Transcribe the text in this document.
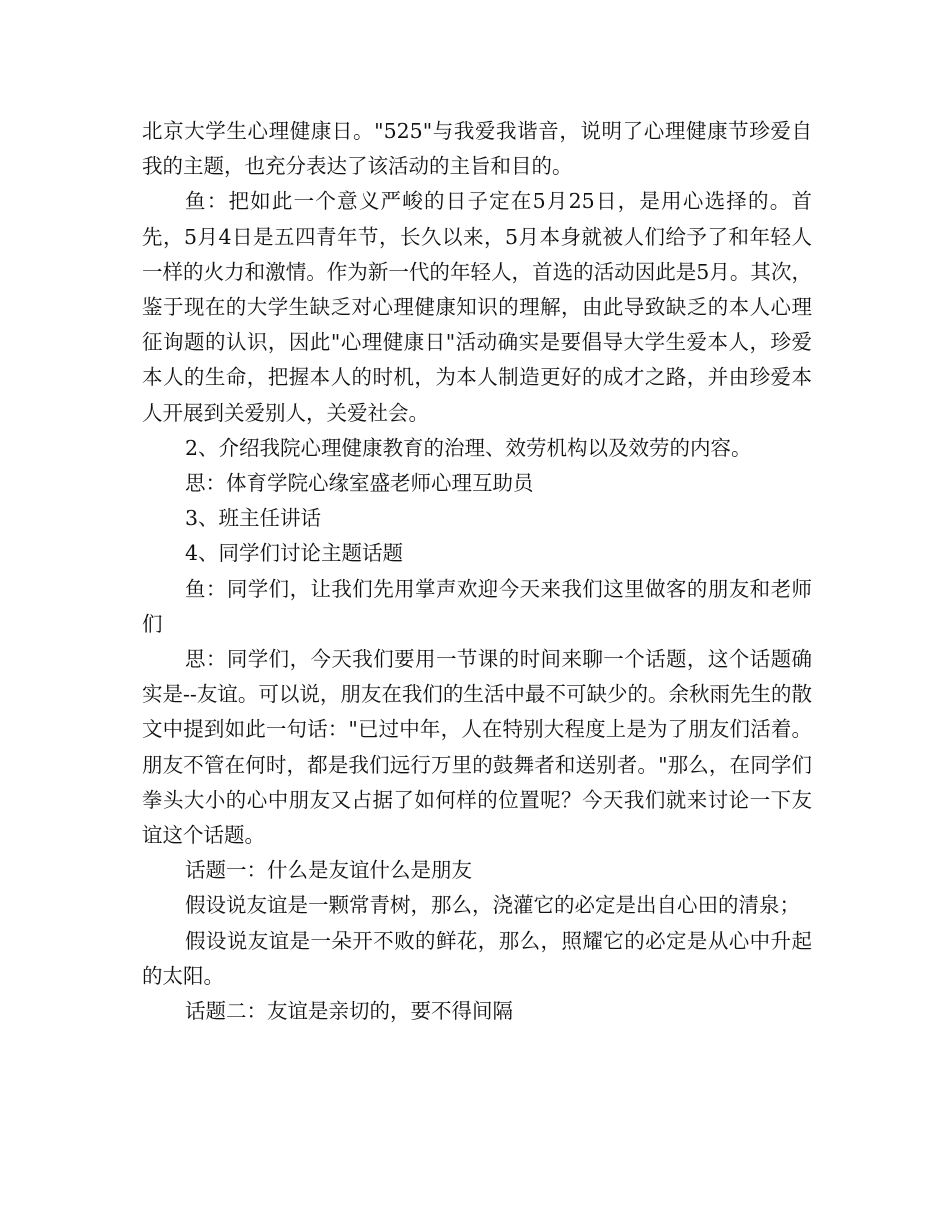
北京大学生心理健康日。"525"与我爱我谐音，说明了心理健康节珍爱自我的主题，也充分表达了该活动的主旨和目的。

鱼：把如此一个意义严峻的日子定在5月25日，是用心选择的。首先，5月4日是五四青年节，长久以来，5月本身就被人们给予了和年轻人一样的火力和激情。作为新一代的年轻人，首选的活动因此是5月。其次，鉴于现在的大学生缺乏对心理健康知识的理解，由此导致缺乏的本人心理征询题的认识，因此"心理健康日"活动确实是要倡导大学生爱本人，珍爱本人的生命，把握本人的时机，为本人制造更好的成才之路，并由珍爱本人开展到关爱别人，关爱社会。

2、介绍我院心理健康教育的治理、效劳机构以及效劳的内容。

思：体育学院心缘室盛老师心理互助员

3、班主任讲话

4、同学们讨论主题话题

鱼：同学们，让我们先用掌声欢迎今天来我们这里做客的朋友和老师们

思：同学们，今天我们要用一节课的时间来聊一个话题，这个话题确实是--友谊。可以说，朋友在我们的生活中最不可缺少的。余秋雨先生的散文中提到如此一句话："已过中年，人在特别大程度上是为了朋友们活着。朋友不管在何时，都是我们远行万里的鼓舞者和送别者。"那么，在同学们拳头大小的心中朋友又占据了如何样的位置呢？今天我们就来讨论一下友谊这个话题。

话题一：什么是友谊什么是朋友

假设说友谊是一颗常青树，那么，浇灌它的必定是出自心田的清泉；

假设说友谊是一朵开不败的鲜花，那么，照耀它的必定是从心中升起的太阳。

话题二：友谊是亲切的，要不得间隔
